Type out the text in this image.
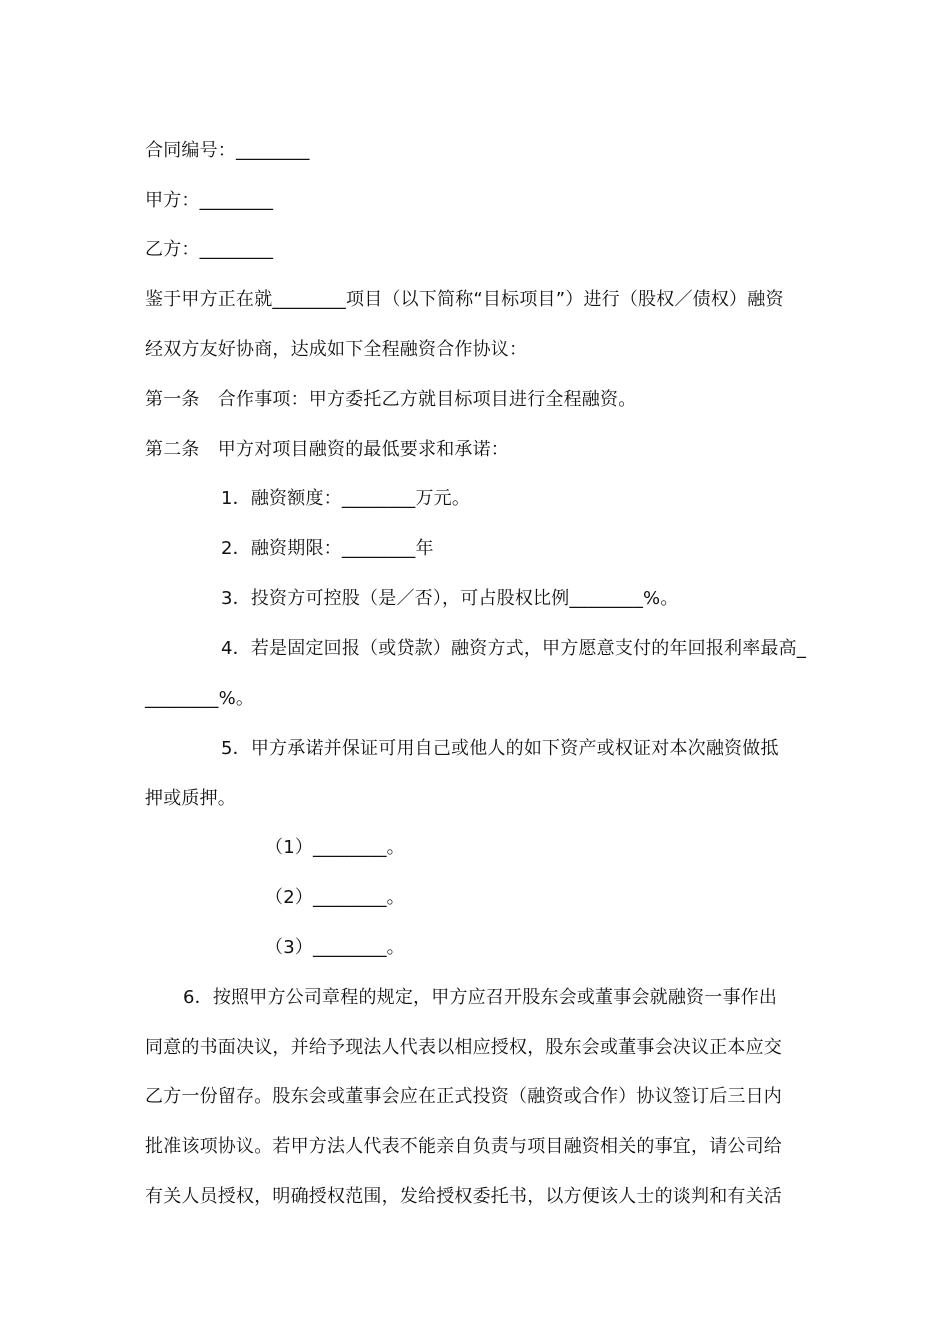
合同编号：________
甲方：________
乙方：________
鉴于甲方正在就________项目（以下简称“目标项目”）进行（股权／债权）融资
经双方友好协商，达成如下全程融资合作协议：
第一条　合作事项：甲方委托乙方就目标项目进行全程融资。
第二条　甲方对项目融资的最低要求和承诺：
1．融资额度：________万元。
2．融资期限：________年
3．投资方可控股（是／否），可占股权比例________%。
4．若是固定回报（或贷款）融资方式，甲方愿意支付的年回报利率最高_
________%。
5．甲方承诺并保证可用自己或他人的如下资产或权证对本次融资做抵
押或质押。
（1）________。
（2）________。
（3）________。
6．按照甲方公司章程的规定，甲方应召开股东会或董事会就融资一事作出
同意的书面决议，并给予现法人代表以相应授权，股东会或董事会决议正本应交
乙方一份留存。股东会或董事会应在正式投资（融资或合作）协议签订后三日内
批准该项协议。若甲方法人代表不能亲自负责与项目融资相关的事宜，请公司给
有关人员授权，明确授权范围，发给授权委托书，以方便该人士的谈判和有关活
